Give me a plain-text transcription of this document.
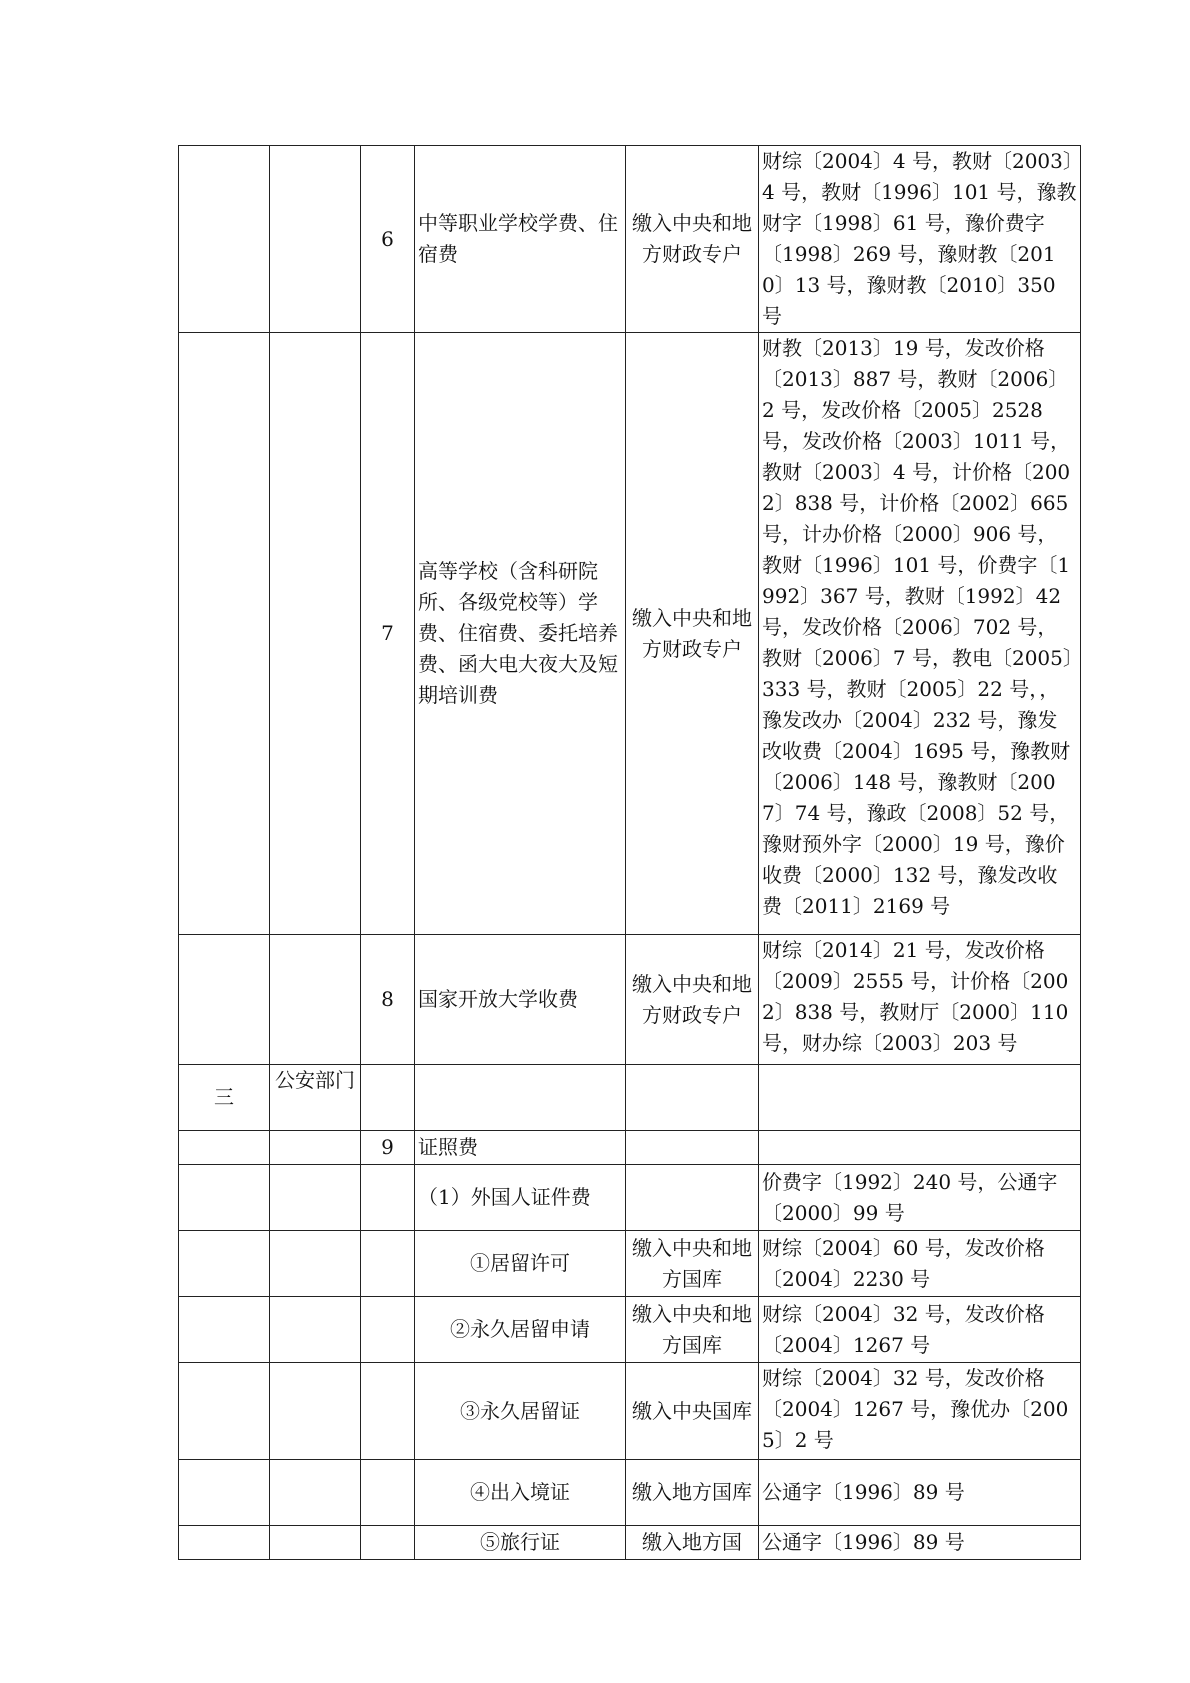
		6	中等职业学校学费、住宿费	缴入中央和地方财政专户	财综〔2004〕4 号，教财〔2003〕4 号，教财〔1996〕101 号，豫教财字〔1998〕61 号，豫价费字〔1998〕269 号，豫财教〔2010〕13 号，豫财教〔2010〕350 号
		7	高等学校（含科研院所、各级党校等）学费、住宿费、委托培养费、函大电大夜大及短期培训费	缴入中央和地方财政专户	财教〔2013〕19 号，发改价格〔2013〕887 号，教财〔2006〕2 号，发改价格〔2005〕2528 号，发改价格〔2003〕1011 号，教财〔2003〕4 号，计价格〔2002〕838 号，计价格〔2002〕665 号，计办价格〔2000〕906 号，教财〔1996〕101 号，价费字〔1992〕367 号，教财〔1992〕42 号，发改价格〔2006〕702 号，教财〔2006〕7 号，教电〔2005〕333 号，教财〔2005〕22 号，，豫发改办〔2004〕232 号，豫发改收费〔2004〕1695 号，豫教财〔2006〕148 号，豫教财〔2007〕74 号，豫政〔2008〕52 号，豫财预外字〔2000〕19 号，豫价收费〔2000〕132 号，豫发改收费〔2011〕2169 号
		8	国家开放大学收费	缴入中央和地方财政专户	财综〔2014〕21 号，发改价格〔2009〕2555 号，计价格〔2002〕838 号，教财厅〔2000〕110 号，财办综〔2003〕203 号
三	公安部门				
		9	证照费		
			（1）外国人证件费		价费字〔1992〕240 号，公通字〔2000〕99 号
			①居留许可	缴入中央和地方国库	财综〔2004〕60 号，发改价格〔2004〕2230 号
			②永久居留申请	缴入中央和地方国库	财综〔2004〕32 号，发改价格〔2004〕1267 号
			③永久居留证	缴入中央国库	财综〔2004〕32 号，发改价格〔2004〕1267 号，豫优办〔2005〕2 号
			④出入境证	缴入地方国库	公通字〔1996〕89 号
			⑤旅行证	缴入地方国	公通字〔1996〕89 号
